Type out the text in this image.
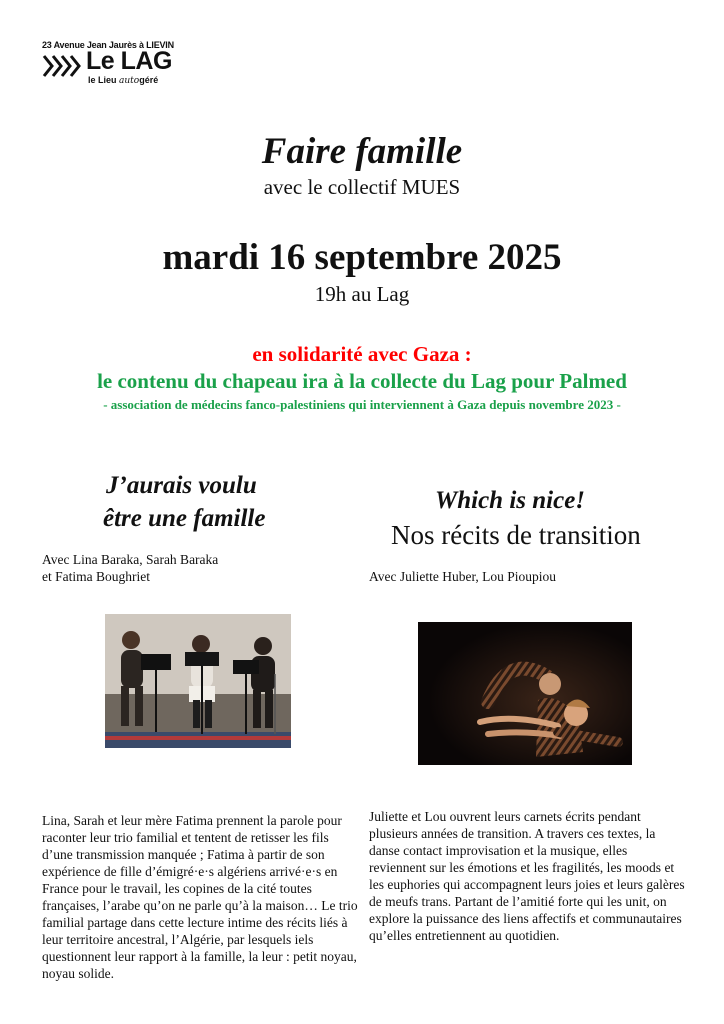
23 Avenue Jean Jaurès à LIEVIN
Le LAG
le Lieu autogéré
Faire famille
avec le collectif MUES
mardi 16 septembre 2025
19h au Lag
en solidarité avec Gaza :
le contenu du chapeau ira à la collecte du Lag pour Palmed
- association de médecins fanco-palestiniens qui interviennent à Gaza depuis novembre 2023 -
J’aurais voulu
être une famille
Avec Lina Baraka, Sarah Baraka
et Fatima Boughriet
Lina, Sarah et leur mère Fatima prennent la parole pour raconter leur trio familial et tentent de retisser les fils d’une transmission manquée ; Fatima à partir de son expérience de fille d’émigré·e·s algériens arrivé·e·s en France pour le travail, les copines de la cité toutes françaises, l’arabe qu’on ne parle qu’à la maison… Le trio familial partage dans cette lecture intime des récits liés à leur territoire ancestral, l’Algérie, par lesquels iels questionnent leur rapport à la famille, la leur : petit noyau, noyau solide.
Which is nice!
Nos récits de transition
Avec Juliette Huber, Lou Pioupiou
Juliette et Lou ouvrent leurs carnets écrits pendant plusieurs années de transition. A travers ces textes, la danse contact improvisation et la musique, elles reviennent sur les émotions et les fragilités, les moods et les euphories qui accompagnent leurs joies et leurs galères de meufs trans. Partant de l’amitié forte qui les unit, on explore la puissance des liens affectifs et communautaires qu’elles entretiennent au quotidien.
